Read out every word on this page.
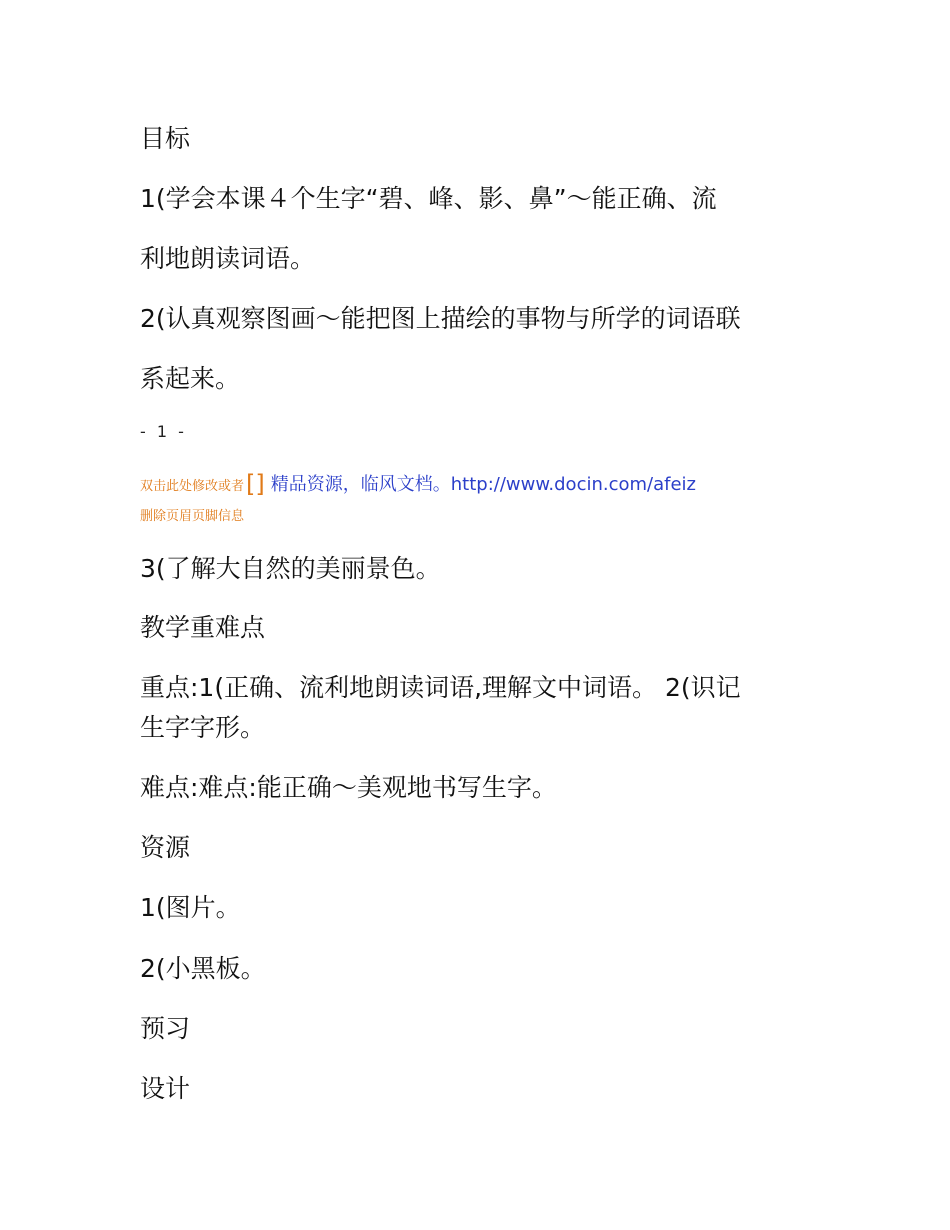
目标
1(学会本课４个生字“碧、峰、影、鼻”～能正确、流
利地朗读词语。
2(认真观察图画～能把图上描绘的事物与所学的词语联
系起来。
- 1 -
双击此处修改或者[] 精品资源，临风文档。http://www.docin.com/afeiz
删除页眉页脚信息
3(了解大自然的美丽景色。
教学重难点
重点:1(正确、流利地朗读词语,理解文中词语。 2(识记
生字字形。
难点:难点:能正确～美观地书写生字。
资源
1(图片。
2(小黑板。
预习
设计
